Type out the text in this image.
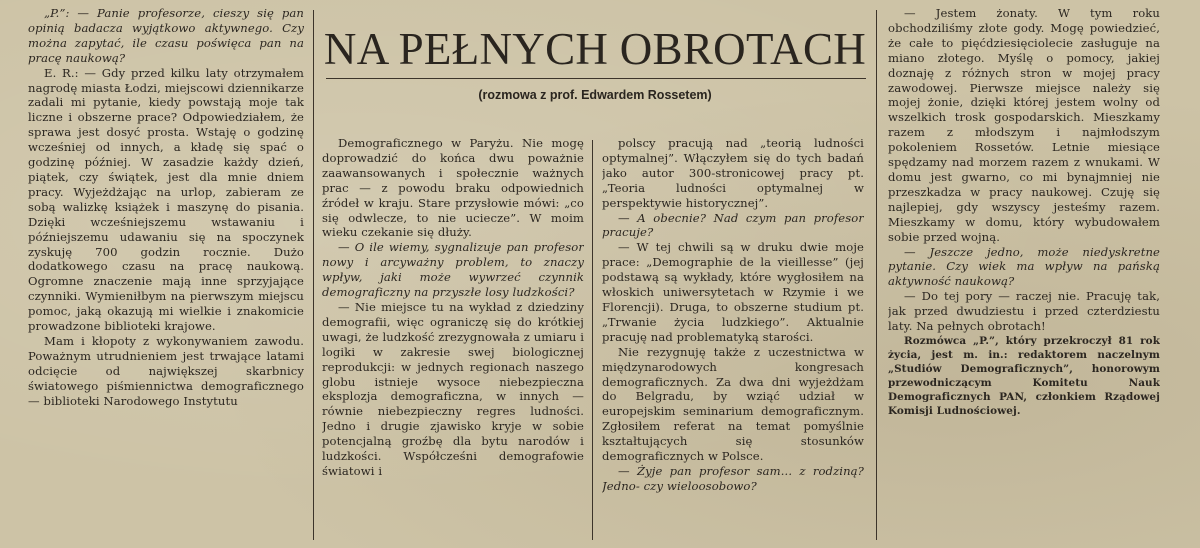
„P.”: — Panie profesorze, cieszy się pan opinią badacza wyjątkowo aktywnego. Czy można zapytać, ile czasu poświęca pan na pracę naukową?

E. R.: — Gdy przed kilku laty otrzymałem nagrodę miasta Łodzi, miejscowi dziennikarze zadali mi pytanie, kiedy powstają moje tak liczne i obszerne prace? Odpowiedziałem, że sprawa jest dosyć prosta. Wstaję o godzinę wcześniej od innych, a kładę się spać o godzinę później. W zasadzie każdy dzień, piątek, czy świątek, jest dla mnie dniem pracy. Wyjeżdżając na urlop, zabieram ze sobą walizkę książek i maszynę do pisania. Dzięki wcześniejszemu wstawaniu i późniejszemu udawaniu się na spoczynek zyskuję 700 godzin rocznie. Dużo dodatkowego czasu na pracę naukową. Ogromne znaczenie mają inne sprzyjające czynniki. Wymieniłbym na pierwszym miejscu pomoc, jaką okazują mi wielkie i znakomicie prowadzone biblioteki krajowe.

Mam i kłopoty z wykonywaniem zawodu. Poważnym utrudnieniem jest trwające latami odcięcie od największej skarbnicy światowego piśmiennictwa demograficznego — biblioteki Narodowego Instytutu

NA PEŁNYCH OBROTACH
(rozmowa z prof. Edwardem Rossetem)

Demograficznego w Paryżu. Nie mogę doprowadzić do końca dwu poważnie zaawansowanych i społecznie ważnych prac — z powodu braku odpowiednich źródeł w kraju. Stare przysłowie mówi: „co się odwlecze, to nie uciecze”. W moim wieku czekanie się dłuży.

— O ile wiemy, sygnalizuje pan profesor nowy i arcyważny problem, to znaczy wpływ, jaki może wywrzeć czynnik demograficzny na przyszłe losy ludzkości?

— Nie miejsce tu na wykład z dziedziny demografii, więc ograniczę się do krótkiej uwagi, że ludzkość zrezygnowała z umiaru i logiki w zakresie swej biologicznej reprodukcji: w jednych regionach naszego globu istnieje wysoce niebezpieczna eksplozja demograficzna, w innych — równie niebezpieczny regres ludności. Jedno i drugie zjawisko kryje w sobie potencjalną groźbę dla bytu narodów i ludzkości. Współcześni demografowie światowi i

polscy pracują nad „teorią ludności optymalnej”. Włączyłem się do tych badań jako autor 300-stronicowej pracy pt. „Teoria ludności optymalnej w perspektywie historycznej”.

— A obecnie? Nad czym pan profesor pracuje?

— W tej chwili są w druku dwie moje prace: „Demographie de la vieillesse” (jej podstawą są wykłady, które wygłosiłem na włoskich uniwersytetach w Rzymie i we Florencji). Druga, to obszerne studium pt. „Trwanie życia ludzkiego”. Aktualnie pracuję nad problematyką starości.

Nie rezygnuję także z uczestnictwa w międzynarodowych kongresach demograficznych. Za dwa dni wyjeżdżam do Belgradu, by wziąć udział w europejskim seminarium demograficznym. Zgłosiłem referat na temat pomyślnie kształtujących się stosunków demograficznych w Polsce.

— Żyje pan profesor sam... z rodziną? Jedno- czy wieloosobowo?

— Jestem żonaty. W tym roku obchodziliśmy złote gody. Mogę powiedzieć, że całe to pięćdziesięciolecie zasługuje na miano złotego. Myślę o pomocy, jakiej doznaję z różnych stron w mojej pracy zawodowej. Pierwsze miejsce należy się mojej żonie, dzięki której jestem wolny od wszelkich trosk gospodarskich. Mieszkamy razem z młodszym i najmłodszym pokoleniem Rossetów. Letnie miesiące spędzamy nad morzem razem z wnukami. W domu jest gwarno, co mi bynajmniej nie przeszkadza w pracy naukowej. Czuję się najlepiej, gdy wszyscy jesteśmy razem. Mieszkamy w domu, który wybudowałem sobie przed wojną.

— Jeszcze jedno, może niedyskretne pytanie. Czy wiek ma wpływ na pańską aktywność naukową?

— Do tej pory — raczej nie. Pracuję tak, jak przed dwudziestu i przed czterdziestu laty. Na pełnych obrotach!

Rozmówca „P.”, który przekroczył 81 rok życia, jest m. in.: redaktorem naczelnym „Studiów Demograficznych”, honorowym przewodniczącym Komitetu Nauk Demograficznych PAN, członkiem Rządowej Komisji Ludnościowej.
